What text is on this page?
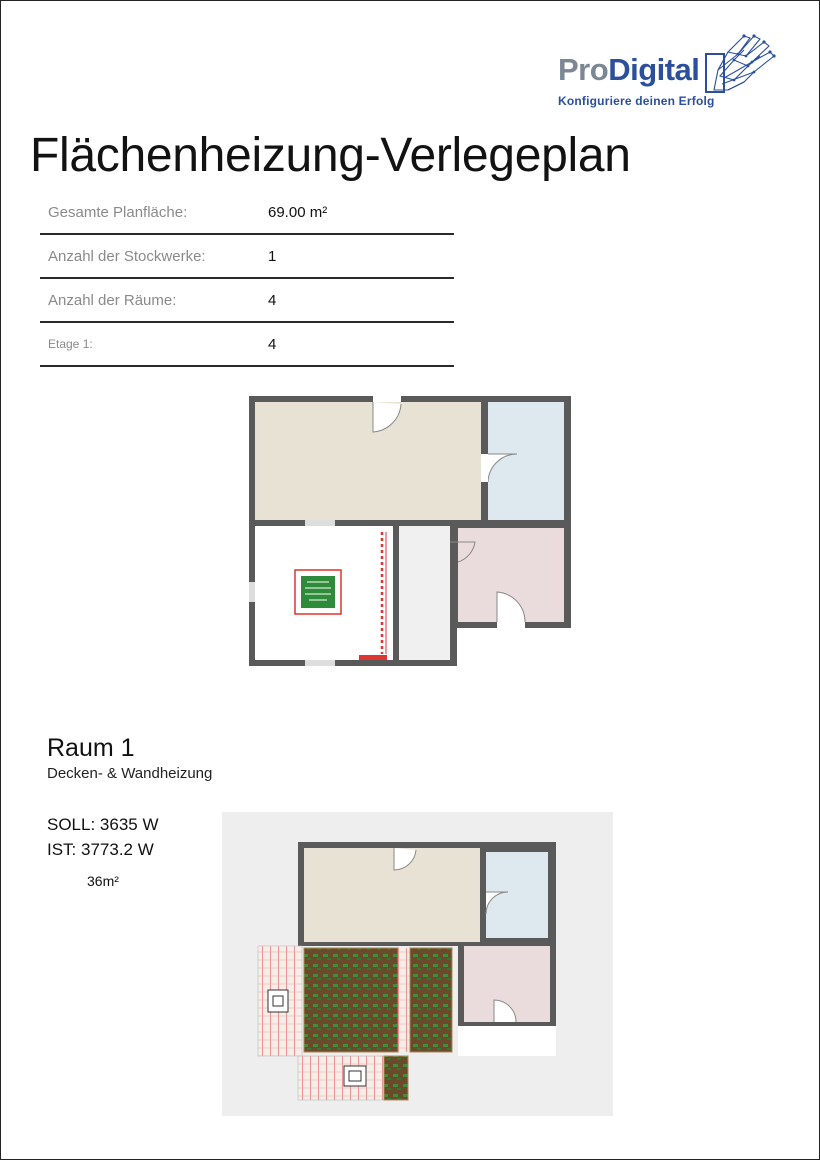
ProDigital
Konfiguriere deinen Erfolg
Flächenheizung-Verlegeplan
Gesamte Planfläche:	69.00 m²
Anzahl der Stockwerke:	1
Anzahl der Räume:	4
Etage 1:	4
Raum 1
Decken- & Wandheizung
SOLL: 3635 W
IST: 3773.2 W
36m²
